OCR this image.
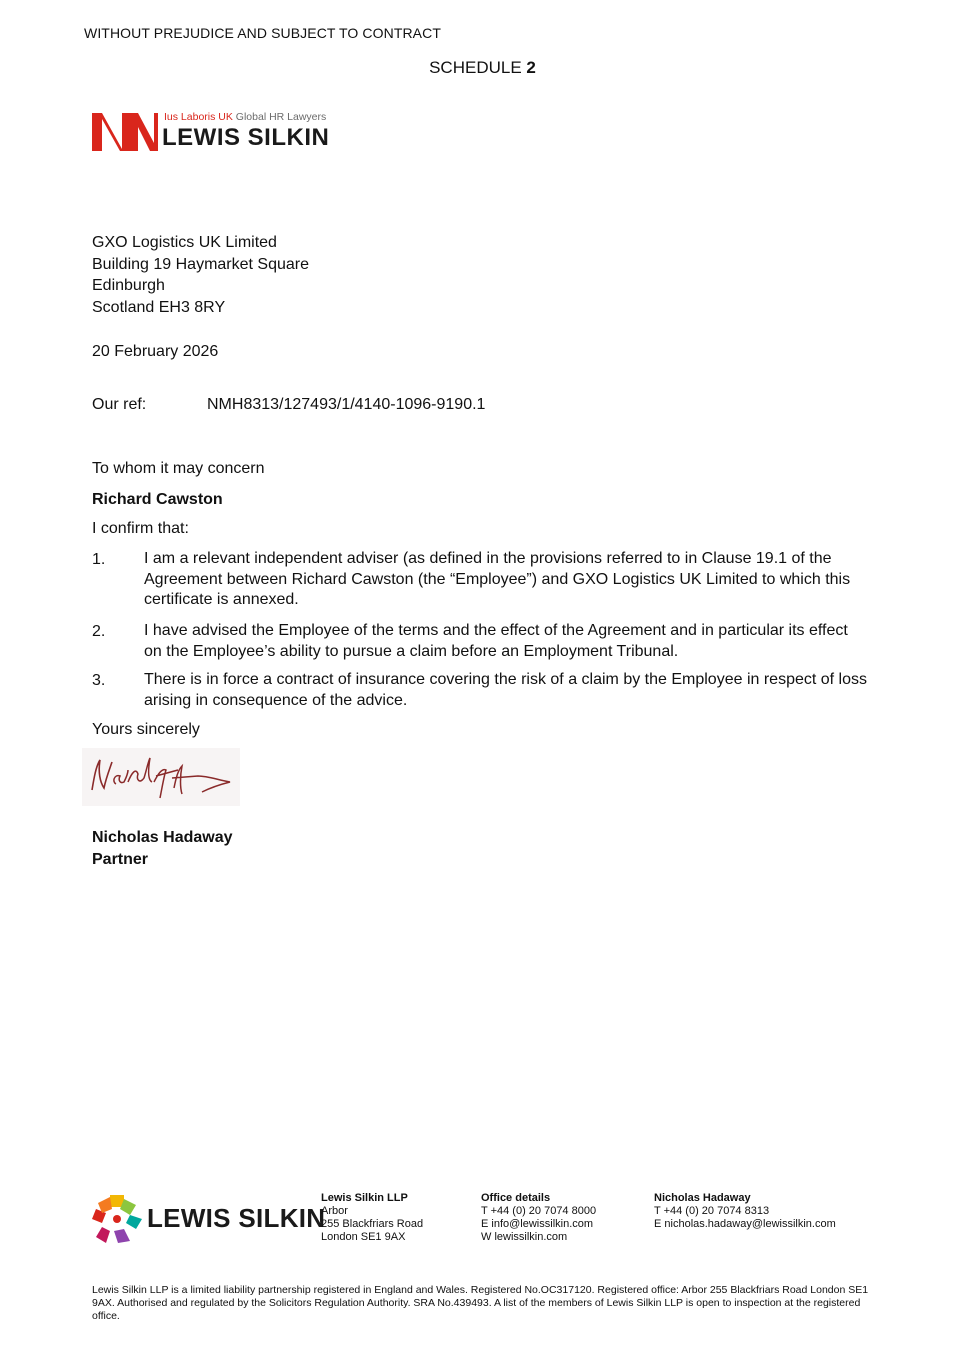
WITHOUT PREJUDICE AND SUBJECT TO CONTRACT
SCHEDULE 2
Ius Laboris UK Global HR Lawyers
LEWIS SILKIN
GXO Logistics UK Limited
Building 19 Haymarket Square
Edinburgh
Scotland EH3 8RY
20 February 2026
Our ref:	NMH8313/127493/1/4140-1096-9190.1
To whom it may concern
Richard Cawston
I confirm that:
1. I am a relevant independent adviser (as defined in the provisions referred to in Clause 19.1 of the Agreement between Richard Cawston (the “Employee”) and GXO Logistics UK Limited to which this certificate is annexed.
2. I have advised the Employee of the terms and the effect of the Agreement and in particular its effect on the Employee’s ability to pursue a claim before an Employment Tribunal.
3. There is in force a contract of insurance covering the risk of a claim by the Employee in respect of loss arising in consequence of the advice.
Yours sincerely
Nicholas Hadaway
Partner
LEWIS SILKIN
Lewis Silkin LLP
Arbor
255 Blackfriars Road
London SE1 9AX
Office details
T +44 (0) 20 7074 8000
E info@lewissilkin.com
W lewissilkin.com
Nicholas Hadaway
T +44 (0) 20 7074 8313
E nicholas.hadaway@lewissilkin.com
Lewis Silkin LLP is a limited liability partnership registered in England and Wales. Registered No.OC317120. Registered office: Arbor 255 Blackfriars Road London SE1 9AX. Authorised and regulated by the Solicitors Regulation Authority. SRA No.439493. A list of the members of Lewis Silkin LLP is open to inspection at the registered office.
